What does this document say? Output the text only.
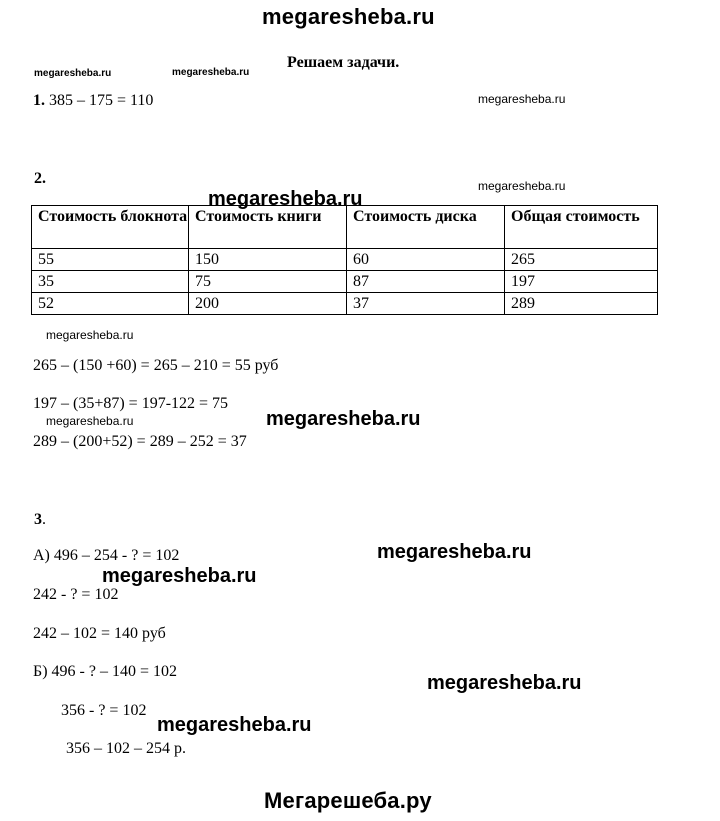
megaresheba.ru
Решаем задачи.
megaresheba.ru	megaresheba.ru
1. 385 – 175 = 110	megaresheba.ru
2.	megaresheba.ru
megaresheba.ru
Стоимость блокнота	Стоимость книги	Стоимость диска	Общая стоимость
55	150	60	265
35	75	87	197
52	200	37	289
megaresheba.ru
265 – (150 +60) = 265 – 210 = 55 руб
197 – (35+87) = 197-122 = 75
megaresheba.ru	megaresheba.ru
289 – (200+52) = 289 – 252 = 37
3.
А) 496 – 254 - ? = 102	megaresheba.ru
megaresheba.ru
242 - ? = 102
242 – 102 = 140 руб
Б) 496 - ? – 140 = 102
megaresheba.ru
356 - ? = 102
megaresheba.ru
356 – 102 – 254 р.
Мегарешеба.ру
